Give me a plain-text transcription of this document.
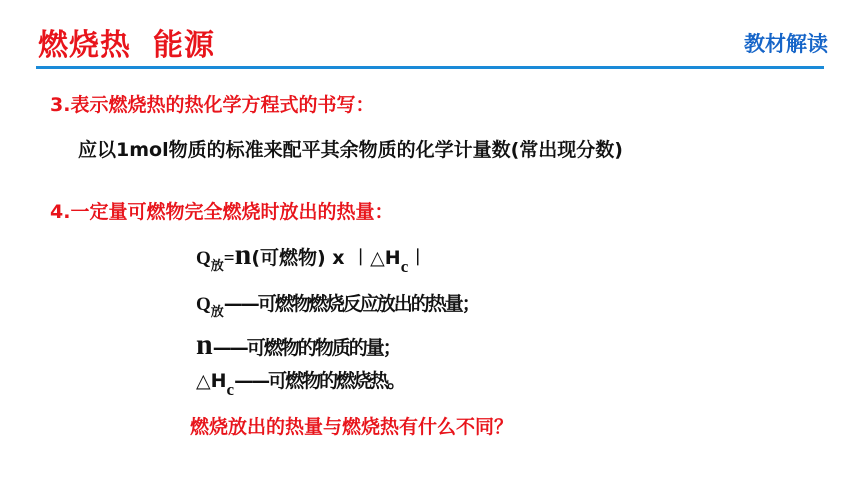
燃烧热 能源	教材解读
3.表示燃烧热的热化学方程式的书写：
应以1mol物质的标准来配平其余物质的化学计量数(常出现分数)
4.一定量可燃物完全燃烧时放出的热量：
$Q_放=n$(可燃物) x ︱△Hc︱
$Q_放——$可燃物燃烧反应放出的热量；
n——可燃物的物质的量；
△Hc——可燃物的燃烧热。
燃烧放出的热量与燃烧热有什么不同？
